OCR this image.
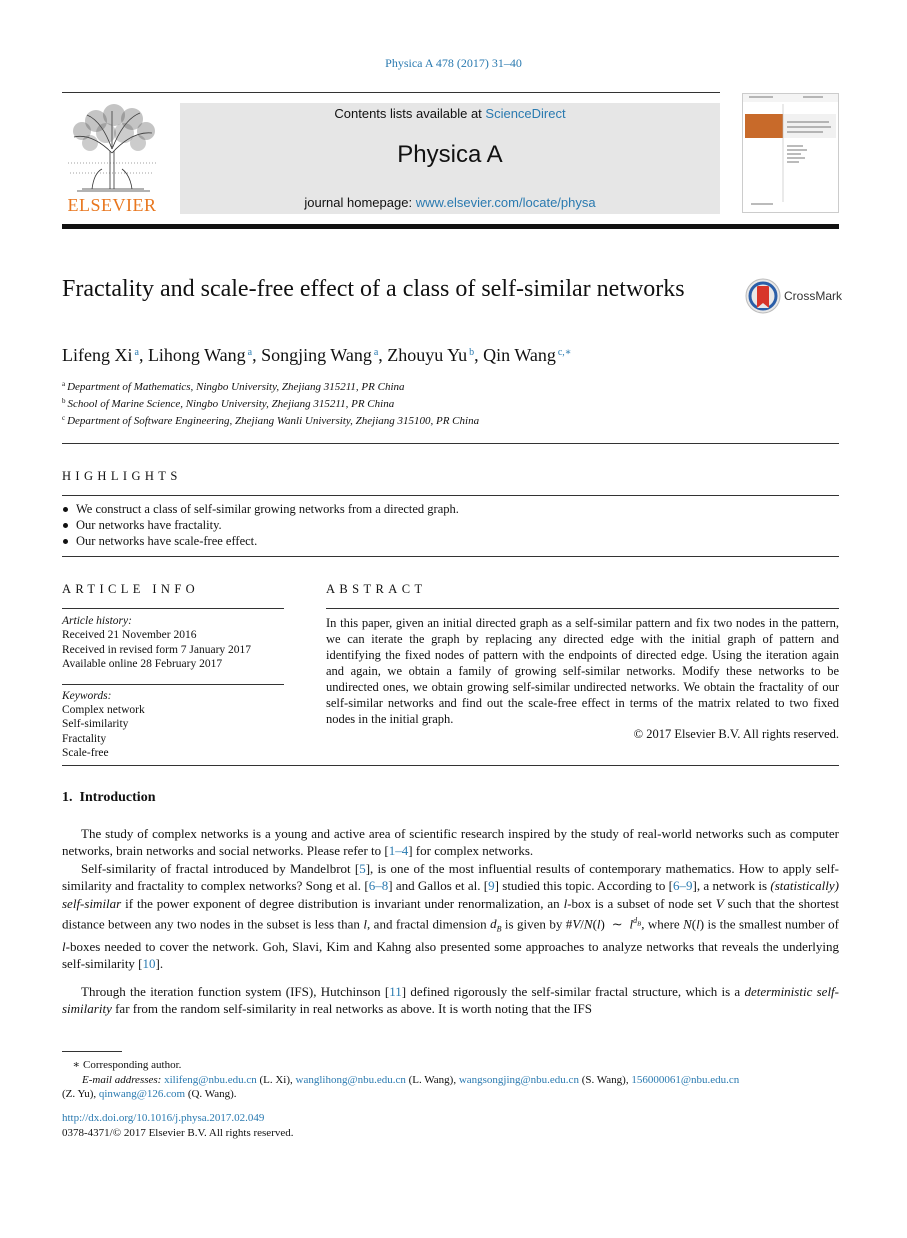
Physica A 478 (2017) 31–40
ELSEVIER
Contents lists available at ScienceDirect
Physica A
journal homepage: www.elsevier.com/locate/physa
Fractality and scale-free effect of a class of self-similar networks	CrossMark
Lifeng Xi $^a$, Lihong Wang $^a$, Songjing Wang $^a$, Zhouyu Yu $^b$, Qin Wang $^{c,∗}$
$^a$ Department of Mathematics, Ningbo University, Zhejiang 315211, PR China
$^b$ School of Marine Science, Ningbo University, Zhejiang 315211, PR China
$^c$ Department of Software Engineering, Zhejiang Wanli University, Zhejiang 315100, PR China
HIGHLIGHTS
We construct a class of self-similar growing networks from a directed graph.
Our networks have fractality.
Our networks have scale-free effect.
ARTICLE INFO
Article history:
Received 21 November 2016
Received in revised form 7 January 2017
Available online 28 February 2017
Keywords:
Complex network
Self-similarity
Fractality
Scale-free
ABSTRACT
In this paper, given an initial directed graph as a self-similar pattern and fix two nodes in the pattern, we can iterate the graph by replacing any directed edge with the initial graph of pattern and identifying the fixed nodes of pattern with the endpoints of directed edge. Using the iteration again and again, we obtain a family of growing self-similar networks. Modify these networks to be undirected ones, we obtain growing self-similar undirected networks. We obtain the fractality of our self-similar networks and find out the scale-free effect in terms of the matrix related to two fixed nodes in the initial graph.
© 2017 Elsevier B.V. All rights reserved.
1.  Introduction
The study of complex networks is a young and active area of scientific research inspired by the study of real-world networks such as computer networks, brain networks and social networks. Please refer to [1–4] for complex networks.
Self-similarity of fractal introduced by Mandelbrot [5], is one of the most influential results of contemporary mathematics. How to apply self-similarity and fractality to complex networks? Song et al. [6–8] and Gallos et al. [9] studied this topic. According to [6–9], a network is (statistically) self-similar if the power exponent of degree distribution is invariant under renormalization, an l-box is a subset of node set V such that the shortest distance between any two nodes in the subset is less than l, and fractal dimension $d_B$ is given by #V/N(l)  ∼  $l^{d_B}$, where N(l) is the smallest number of l-boxes needed to cover the network. Goh, Slavi, Kim and Kahng also presented some approaches to analyze networks that reveals the underlying self-similarity [10].
Through the iteration function system (IFS), Hutchinson [11] defined rigorously the self-similar fractal structure, which is a deterministic self-similarity far from the random self-similarity in real networks as above. It is worth noting that the IFS
∗ Corresponding author.
E-mail addresses: xilifeng@nbu.edu.cn (L. Xi), wanglihong@nbu.edu.cn (L. Wang), wangsongjing@nbu.edu.cn (S. Wang), 156000061@nbu.edu.cn
(Z. Yu), qinwang@126.com (Q. Wang).
http://dx.doi.org/10.1016/j.physa.2017.02.049
0378-4371/© 2017 Elsevier B.V. All rights reserved.
